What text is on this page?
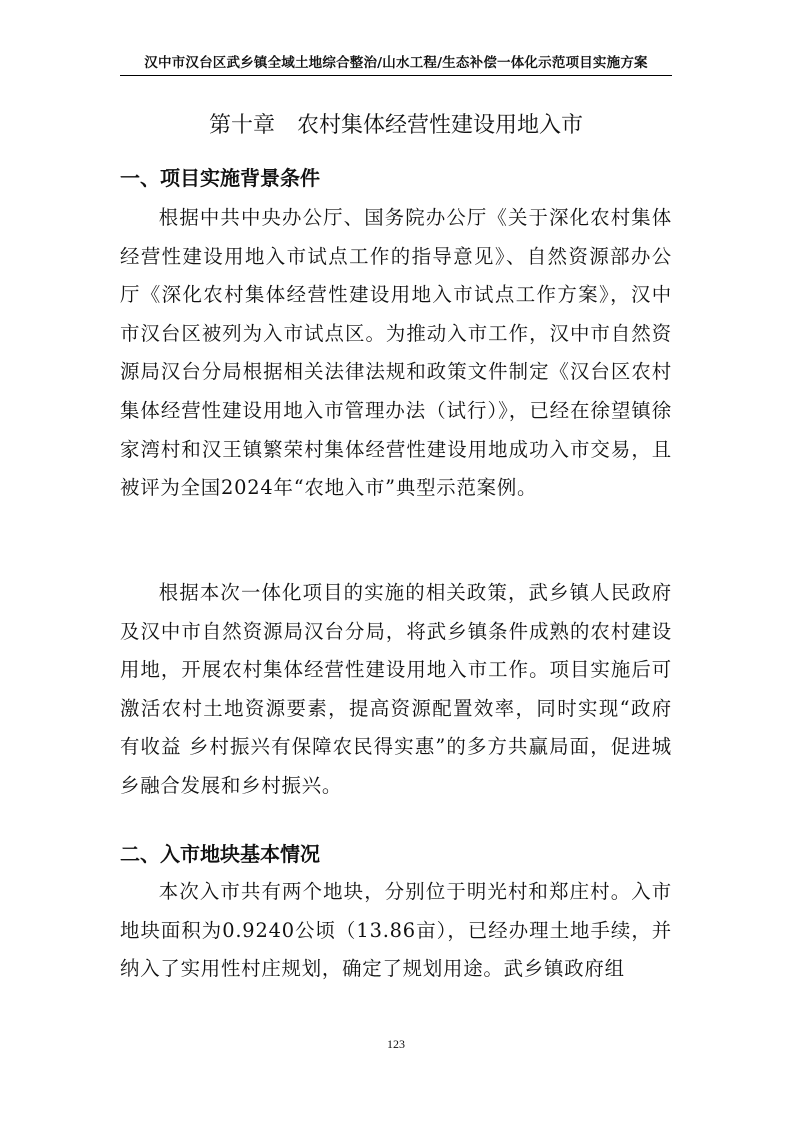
汉中市汉台区武乡镇全域土地综合整治/山水工程/生态补偿一体化示范项目实施方案
第十章　农村集体经营性建设用地入市
一、项目实施背景条件

根据中共中央办公厅、国务院办公厅《关于深化农村集体经营性建设用地入市试点工作的指导意见》、自然资源部办公厅《深化农村集体经营性建设用地入市试点工作方案》，汉中市汉台区被列为入市试点区。为推动入市工作，汉中市自然资源局汉台分局根据相关法律法规和政策文件制定《汉台区农村集体经营性建设用地入市管理办法（试行）》，已经在徐望镇徐家湾村和汉王镇繁荣村集体经营性建设用地成功入市交易，且被评为全国2024年“农地入市”典型示范案例。

根据本次一体化项目的实施的相关政策，武乡镇人民政府及汉中市自然资源局汉台分局，将武乡镇条件成熟的农村建设用地，开展农村集体经营性建设用地入市工作。项目实施后可激活农村土地资源要素，提高资源配置效率，同时实现“政府有收益 乡村振兴有保障农民得实惠”的多方共赢局面，促进城乡融合发展和乡村振兴。

二、入市地块基本情况

本次入市共有两个地块，分别位于明光村和郑庄村。入市地块面积为0.9240公顷（13.86亩），已经办理土地手续，并纳入了实用性村庄规划，确定了规划用途。武乡镇政府组

123
